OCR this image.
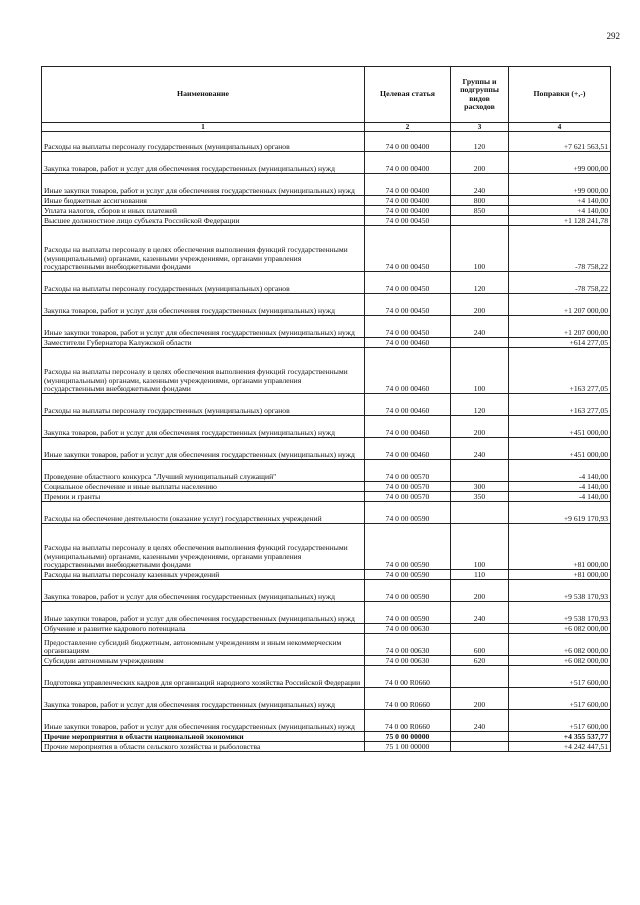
292
Наименование	Целевая статья	Группы и подгруппы видов расходов	Поправки (+,-)
1	2	3	4
Расходы на выплаты персоналу государственных (муниципальных) органов	74 0 00 00400	120	+7 621 563,51
Закупка товаров, работ и услуг для обеспечения государственных (муниципальных) нужд	74 0 00 00400	200	+99 000,00
Иные закупки товаров, работ и услуг для обеспечения государственных (муниципальных) нужд	74 0 00 00400	240	+99 000,00
Иные бюджетные ассигнования	74 0 00 00400	800	+4 140,00
Уплата налогов, сборов и иных платежей	74 0 00 00400	850	+4 140,00
Высшее должностное лицо субъекта Российской Федерации	74 0 00 00450		+1 128 241,78
Расходы на выплаты персоналу в целях обеспечения выполнения функций государственными (муниципальными) органами, казенными учреждениями, органами управления государственными внебюджетными фондами	74 0 00 00450	100	-78 758,22
Расходы на выплаты персоналу государственных (муниципальных) органов	74 0 00 00450	120	-78 758,22
Закупка товаров, работ и услуг для обеспечения государственных (муниципальных) нужд	74 0 00 00450	200	+1 207 000,00
Иные закупки товаров, работ и услуг для обеспечения государственных (муниципальных) нужд	74 0 00 00450	240	+1 207 000,00
Заместители Губернатора Калужской области	74 0 00 00460		+614 277,05
Расходы на выплаты персоналу в целях обеспечения выполнения функций государственными (муниципальными) органами, казенными учреждениями, органами управления государственными внебюджетными фондами	74 0 00 00460	100	+163 277,05
Расходы на выплаты персоналу государственных (муниципальных) органов	74 0 00 00460	120	+163 277,05
Закупка товаров, работ и услуг для обеспечения государственных (муниципальных) нужд	74 0 00 00460	200	+451 000,00
Иные закупки товаров, работ и услуг для обеспечения государственных (муниципальных) нужд	74 0 00 00460	240	+451 000,00
Проведение областного конкурса "Лучший муниципальный служащий"	74 0 00 00570		-4 140,00
Социальное обеспечение и иные выплаты населению	74 0 00 00570	300	-4 140,00
Премии и гранты	74 0 00 00570	350	-4 140,00
Расходы на обеспечение деятельности (оказание услуг) государственных учреждений	74 0 00 00590		+9 619 170,93
Расходы на выплаты персоналу в целях обеспечения выполнения функций государственными (муниципальными) органами, казенными учреждениями, органами управления государственными внебюджетными фондами	74 0 00 00590	100	+81 000,00
Расходы на выплаты персоналу казенных учреждений	74 0 00 00590	110	+81 000,00
Закупка товаров, работ и услуг для обеспечения государственных (муниципальных) нужд	74 0 00 00590	200	+9 538 170,93
Иные закупки товаров, работ и услуг для обеспечения государственных (муниципальных) нужд	74 0 00 00590	240	+9 538 170,93
Обучение и развитие кадрового потенциала	74 0 00 00630		+6 082 000,00
Предоставление субсидий бюджетным, автономным учреждениям и иным некоммерческим организациям	74 0 00 00630	600	+6 082 000,00
Субсидии автономным учреждениям	74 0 00 00630	620	+6 082 000,00
Подготовка управленческих кадров для организаций народного хозяйства Российской Федерации	74 0 00 R0660		+517 600,00
Закупка товаров, работ и услуг для обеспечения государственных (муниципальных) нужд	74 0 00 R0660	200	+517 600,00
Иные закупки товаров, работ и услуг для обеспечения государственных (муниципальных) нужд	74 0 00 R0660	240	+517 600,00
Прочие мероприятия в области национальной экономики	75 0 00 00000		+4 355 537,77
Прочие мероприятия в области сельского хозяйства и рыболовства	75 1 00 00000		+4 242 447,51
